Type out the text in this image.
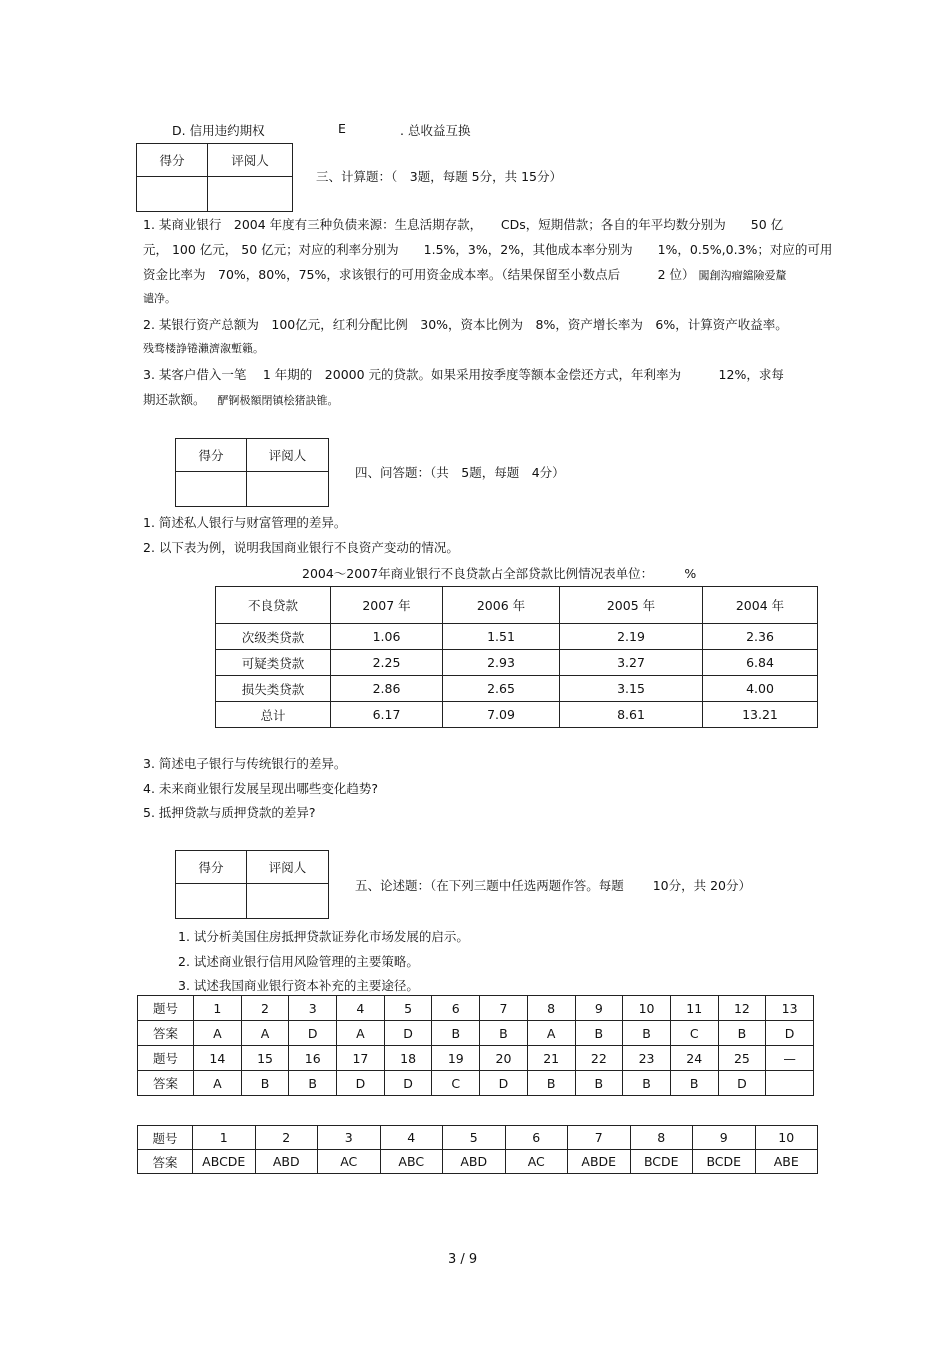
D. 信用违约期权	E	. 总收益互换
得分	评阅人

三、计算题：（　3题，每题 5分，共 15分）
1. 某商业银行　2004 年度有三种负债来源：生息活期存款，　　CDs，短期借款；各自的年平均数分别为　　50 亿
元， 100 亿元， 50 亿元；对应的利率分别为　　1.5%，3%，2%，其他成本率分别为　　1%，0.5%,0.3%；对应的可用
资金比率为　70%，80%，75%，求该银行的可用资金成本率。（结果保留至小数点后　　　2 位） 闖創沟瘤鐺險爱釐
谴净。
2. 某银行资产总额为　100亿元，红利分配比例　30%，资本比例为　8%，资产增长率为　6%，计算资产收益率。
残骛楼諍锩瀨濟溆塹籟。
3. 某客户借入一笔　 1 年期的　20000 元的贷款。如果采用按季度等额本金偿还方式，年利率为　　　12%，求每
期还款额。 酽锕极額閉镇桧猪訣锥。
得分	评阅人

四、问答题：（共　5题，每题　4分）
1. 简述私人银行与财富管理的差异。
2. 以下表为例，说明我国商业银行不良资产变动的情况。
2004～2007年商业银行不良贷款占全部贷款比例情况表单位：　　　%
不良贷款	2007 年	2006 年	2005 年	2004 年
次级类贷款	1.06	1.51	2.19	2.36
可疑类贷款	2.25	2.93	3.27	6.84
损失类贷款	2.86	2.65	3.15	4.00
总计	6.17	7.09	8.61	13.21
3. 简述电子银行与传统银行的差异。
4. 未来商业银行发展呈现出哪些变化趋势?
5. 抵押贷款与质押贷款的差异?
得分	评阅人

五、论述题：（在下列三题中任选两题作答。每题　　 10分，共 20分）
1. 试分析美国住房抵押贷款证券化市场发展的启示。
2. 试述商业银行信用风险管理的主要策略。
3. 试述我国商业银行资本补充的主要途径。
题号	1	2	3	4	5	6	7	8	9	10	11	12	13
答案	A	A	D	A	D	B	B	A	B	B	C	B	D
题号	14	15	16	17	18	19	20	21	22	23	24	25	—
答案	A	B	B	D	D	C	D	B	B	B	B	D	
题号	1	2	3	4	5	6	7	8	9	10
答案	ABCDE	ABD	AC	ABC	ABD	AC	ABDE	BCDE	BCDE	ABE
3 / 9
